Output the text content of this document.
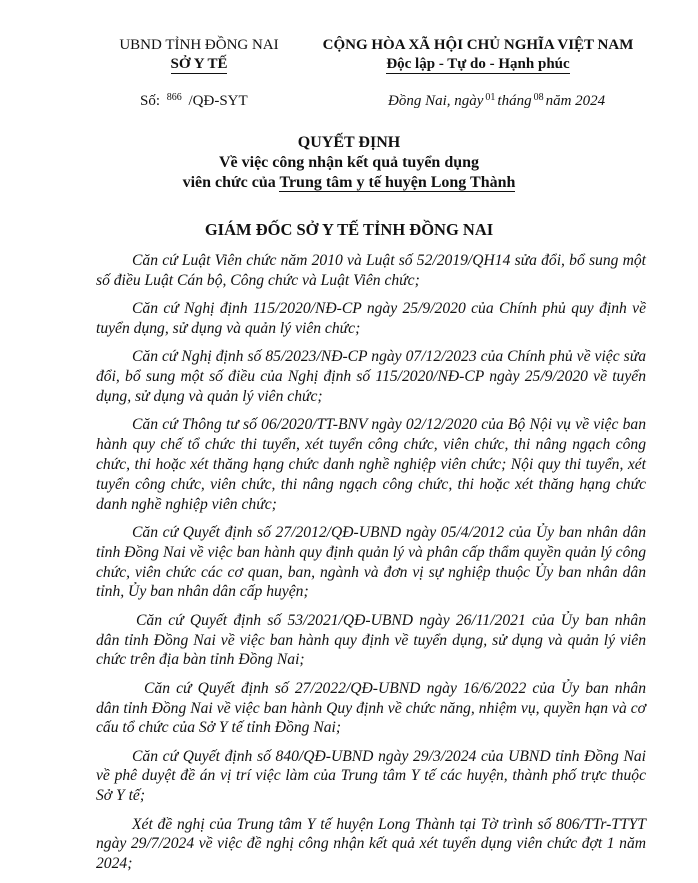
UBND TỈNH ĐỒNG NAI
SỞ Y TẾ
CỘNG HÒA XÃ HỘI CHỦ NGHĨA VIỆT NAM
Độc lập - Tự do - Hạnh phúc
Số: $^{866}$ /QĐ-SYT	Đồng Nai, ngày $^{01}$ tháng $^{08}$ năm 2024
QUYẾT ĐỊNH
Về việc công nhận kết quả tuyển dụng
viên chức của Trung tâm y tế huyện Long Thành
GIÁM ĐỐC SỞ Y TẾ TỈNH ĐỒNG NAI

Căn cứ Luật Viên chức năm 2010 và Luật số 52/2019/QH14 sửa đổi, bổ sung một số điều Luật Cán bộ, Công chức và Luật Viên chức;

Căn cứ Nghị định 115/2020/NĐ-CP ngày 25/9/2020 của Chính phủ quy định về tuyển dụng, sử dụng và quản lý viên chức;

Căn cứ Nghị định số 85/2023/NĐ-CP ngày 07/12/2023 của Chính phủ về việc sửa đổi, bổ sung một số điều của Nghị định số 115/2020/NĐ-CP ngày 25/9/2020 về tuyển dụng, sử dụng và quản lý viên chức;

Căn cứ Thông tư số 06/2020/TT-BNV ngày 02/12/2020 của Bộ Nội vụ về việc ban hành quy chế tổ chức thi tuyển, xét tuyển công chức, viên chức, thi nâng ngạch công chức, thi hoặc xét thăng hạng chức danh nghề nghiệp viên chức; Nội quy thi tuyển, xét tuyển công chức, viên chức, thi nâng ngạch công chức, thi hoặc xét thăng hạng chức danh nghề nghiệp viên chức;

Căn cứ Quyết định số 27/2012/QĐ-UBND ngày 05/4/2012 của Ủy ban nhân dân tỉnh Đồng Nai về việc ban hành quy định quản lý và phân cấp thẩm quyền quản lý công chức, viên chức các cơ quan, ban, ngành và đơn vị sự nghiệp thuộc Ủy ban nhân dân tỉnh, Ủy ban nhân dân cấp huyện;

Căn cứ Quyết định số 53/2021/QĐ-UBND ngày 26/11/2021 của Ủy ban nhân dân tỉnh Đồng Nai về việc ban hành quy định về tuyển dụng, sử dụng và quản lý viên chức trên địa bàn tỉnh Đồng Nai;

Căn cứ Quyết định số 27/2022/QĐ-UBND ngày 16/6/2022 của Ủy ban nhân dân tỉnh Đồng Nai về việc ban hành Quy định về chức năng, nhiệm vụ, quyền hạn và cơ cấu tổ chức của Sở Y tế tỉnh Đồng Nai;

Căn cứ Quyết định số 840/QĐ-UBND ngày 29/3/2024 của UBND tỉnh Đồng Nai về phê duyệt đề án vị trí việc làm của Trung tâm Y tế các huyện, thành phố trực thuộc Sở Y tế;

Xét đề nghị của Trung tâm Y tế huyện Long Thành tại Tờ trình số 806/TTr-TTYT ngày 29/7/2024 về việc đề nghị công nhận kết quả xét tuyển dụng viên chức đợt 1 năm 2024;
